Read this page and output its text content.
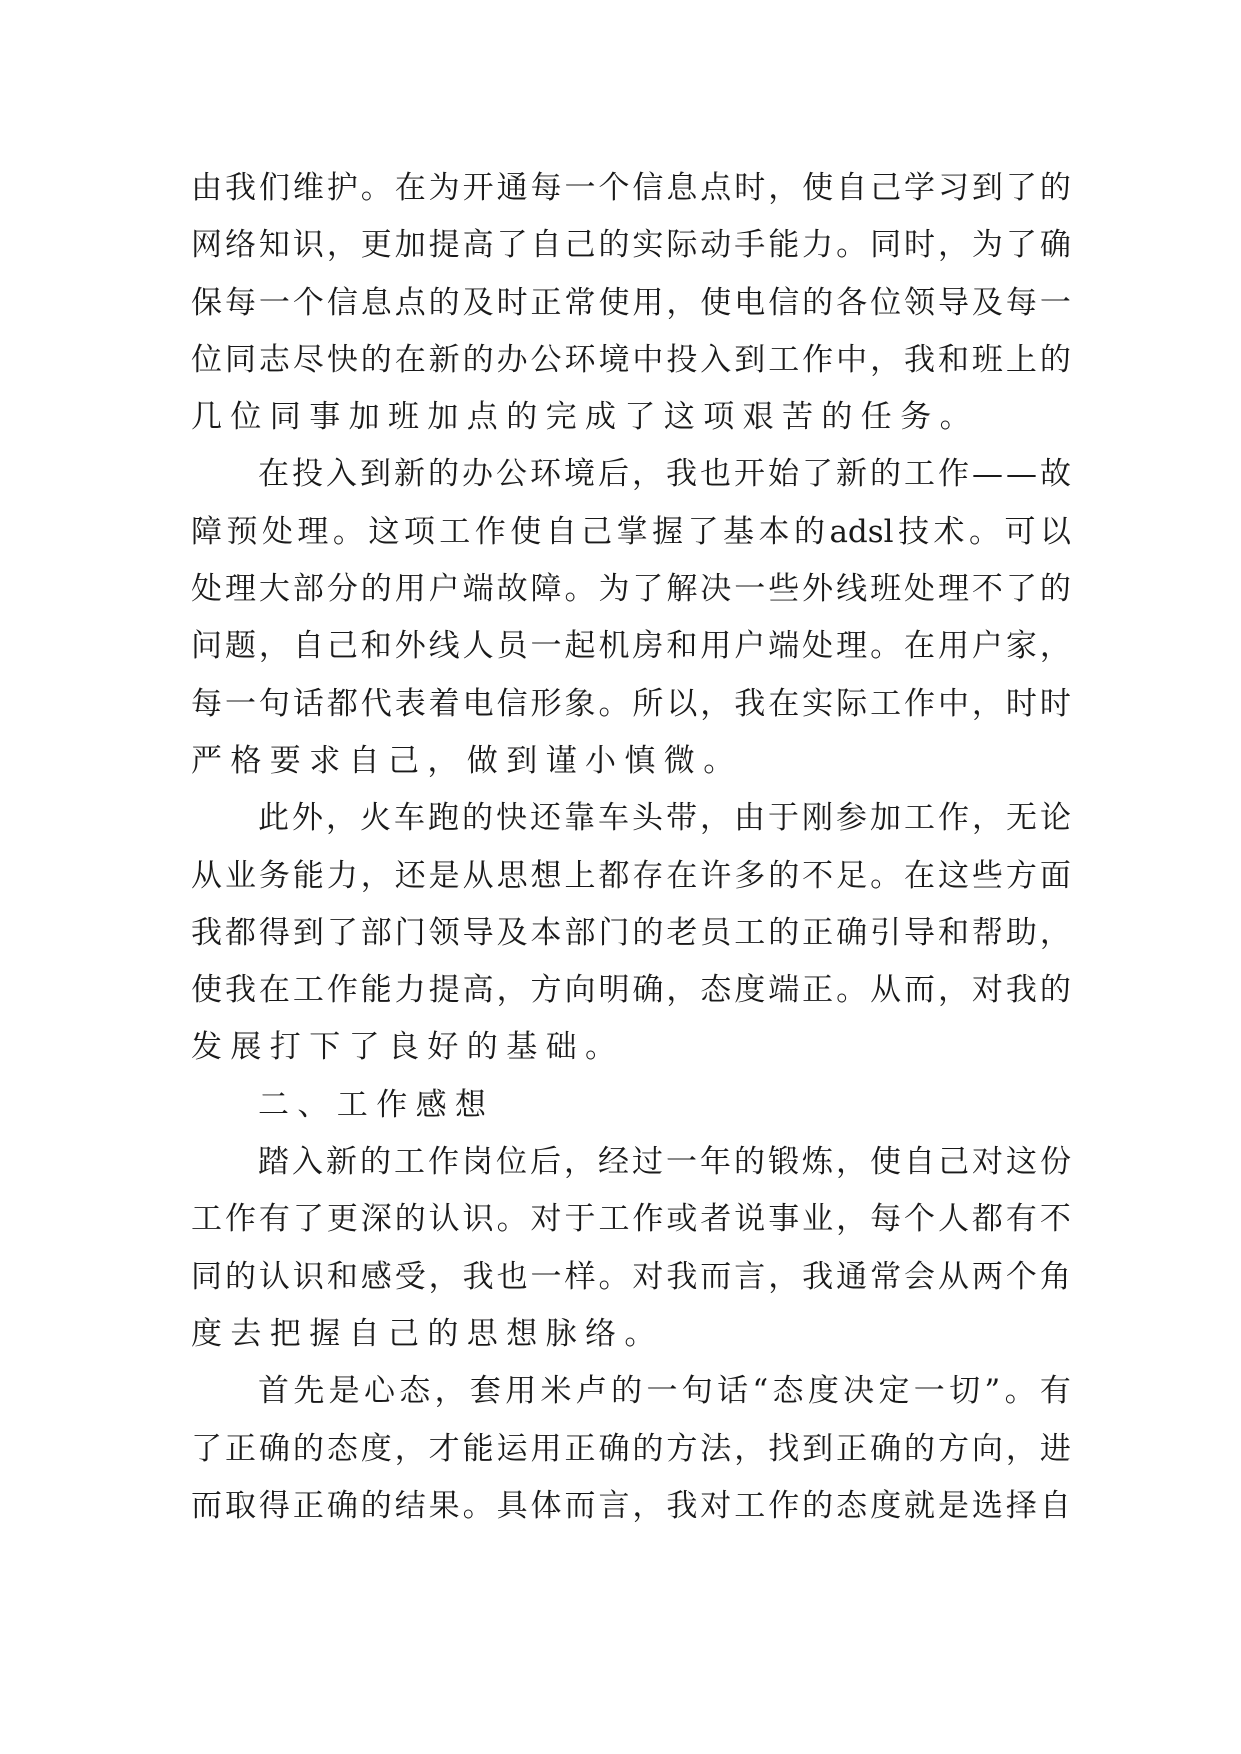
由 我 们 维 护 。 在 为 开 通 每 一 个 信 息 点 时 ， 使 自 己 学 习 到 了 的
网 络 知 识 ， 更 加 提 高 了 自 己 的 实 际 动 手 能 力 。 同 时 ， 为 了 确
保 每 一 个 信 息 点 的 及 时 正 常 使 用 ， 使 电 信 的 各 位 领 导 及 每 一
位 同 志 尽 快 的 在 新 的 办 公 环 境 中 投 入 到 工 作 中 ， 我 和 班 上 的
几位同事加班加点的完成了这项艰苦的任务。
在 投 入 到 新 的 办 公 环 境 后 ， 我 也 开 始 了 新 的 工 作 — — 故
障 预 处 理 。 这 项 工 作 使 自 己 掌 握 了 基 本 的 adsl 技 术 。 可 以
处 理 大 部 分 的 用 户 端 故 障 。 为 了 解 决 一 些 外 线 班 处 理 不 了 的
问 题 ， 自 己 和 外 线 人 员 一 起 机 房 和 用 户 端 处 理 。 在 用 户 家 ，
每 一 句 话 都 代 表 着 电 信 形 象 。 所 以 ， 我 在 实 际 工 作 中 ， 时 时
严格要求自己，做到谨小慎微。
此 外 ， 火 车 跑 的 快 还 靠 车 头 带 ， 由 于 刚 参 加 工 作 ， 无 论
从 业 务 能 力 ， 还 是 从 思 想 上 都 存 在 许 多 的 不 足 。 在 这 些 方 面
我 都 得 到 了 部 门 领 导 及 本 部 门 的 老 员 工 的 正 确 引 导 和 帮 助 ，
使 我 在 工 作 能 力 提 高 ， 方 向 明 确 ， 态 度 端 正 。 从 而 ， 对 我 的
发展打下了良好的基础。
二、工作感想
踏 入 新 的 工 作 岗 位 后 ， 经 过 一 年 的 锻 炼 ， 使 自 己 对 这 份
工 作 有 了 更 深 的 认 识 。 对 于 工 作 或 者 说 事 业 ， 每 个 人 都 有 不
同 的 认 识 和 感 受 ， 我 也 一 样 。 对 我 而 言 ， 我 通 常 会 从 两 个 角
度去把握自己的思想脉络。
首 先 是 心 态 ， 套 用 米 卢 的 一 句 话 “ 态 度 决 定 一 切 ” 。 有
了 正 确 的 态 度 ， 才 能 运 用 正 确 的 方 法 ， 找 到 正 确 的 方 向 ， 进
而 取 得 正 确 的 结 果 。 具 体 而 言 ， 我 对 工 作 的 态 度 就 是 选 择 自
